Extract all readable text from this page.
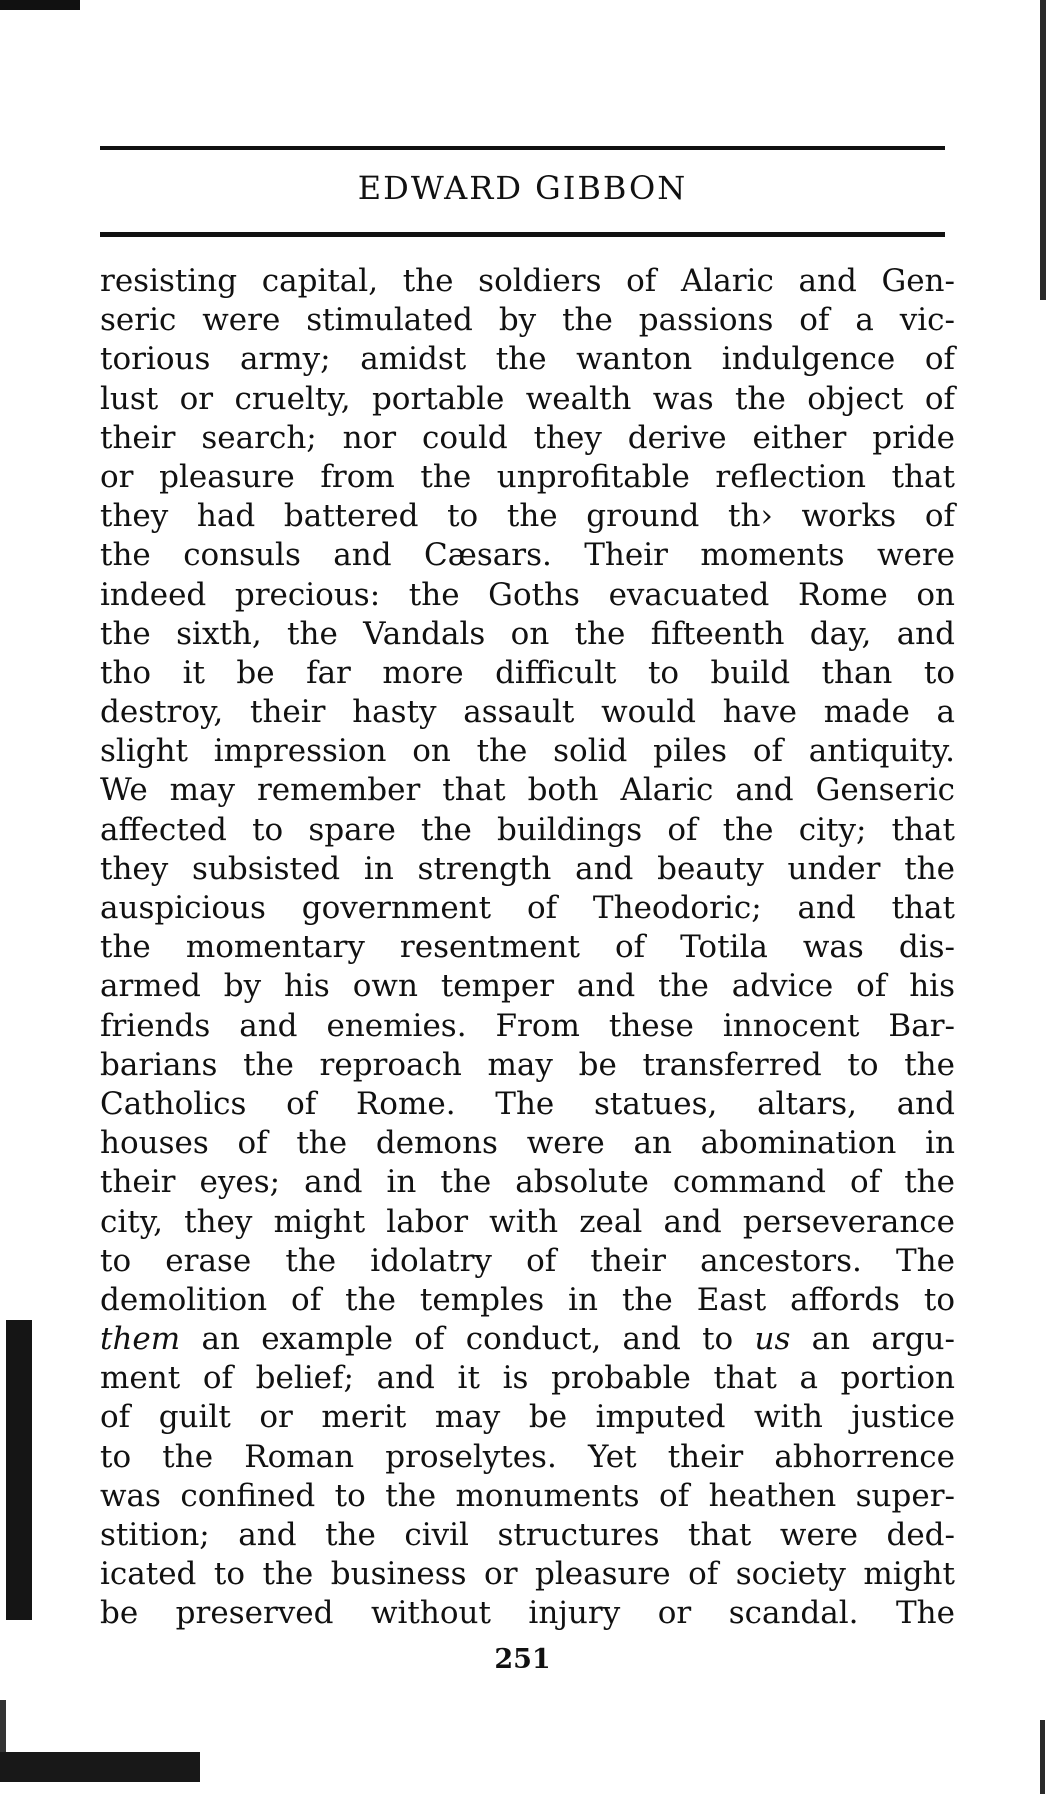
EDWARD GIBBON
resisting capital, the soldiers of Alaric and Gen-
seric were stimulated by the passions of a vic-
torious army; amidst the wanton indulgence of
lust or cruelty, portable wealth was the object of
their search; nor could they derive either pride
or pleasure from the unprofitable reflection that
they had battered to the ground th› works of
the consuls and Cæsars. Their moments were
indeed precious: the Goths evacuated Rome on
the sixth, the Vandals on the fifteenth day, and
tho it be far more difficult to build than to
destroy, their hasty assault would have made a
slight impression on the solid piles of antiquity.
We may remember that both Alaric and Genseric
affected to spare the buildings of the city; that
they subsisted in strength and beauty under the
auspicious government of Theodoric; and that
the momentary resentment of Totila was dis-
armed by his own temper and the advice of his
friends and enemies. From these innocent Bar-
barians the reproach may be transferred to the
Catholics of Rome. The statues, altars, and
houses of the demons were an abomination in
their eyes; and in the absolute command of the
city, they might labor with zeal and perseverance
to erase the idolatry of their ancestors. The
demolition of the temples in the East affords to
them an example of conduct, and to us an argu-
ment of belief; and it is probable that a portion
of guilt or merit may be imputed with justice
to the Roman proselytes. Yet their abhorrence
was confined to the monuments of heathen super-
stition; and the civil structures that were ded-
icated to the business or pleasure of society might
be preserved without injury or scandal. The
251
